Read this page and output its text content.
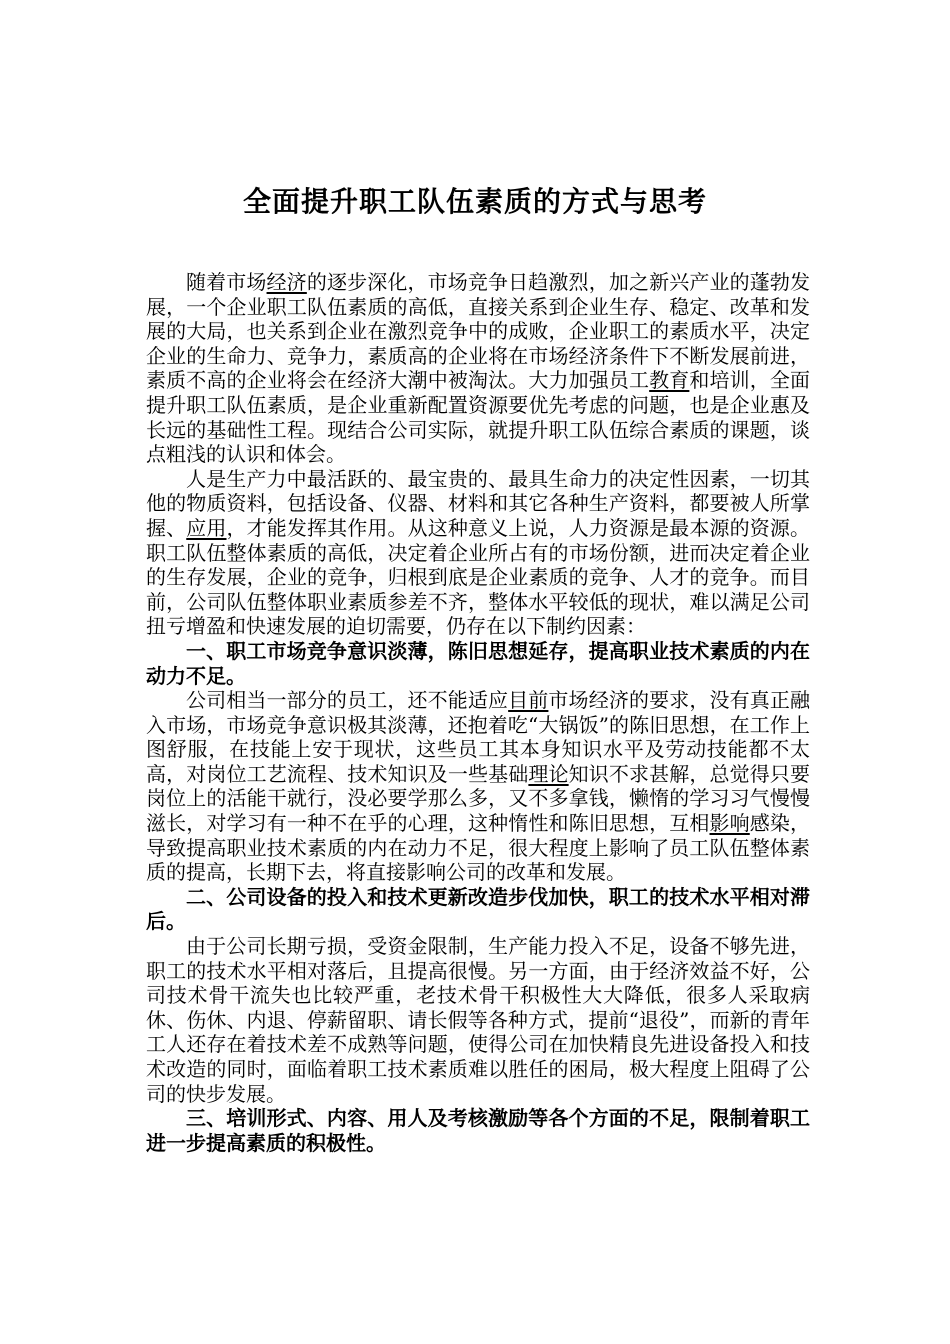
全面提升职工队伍素质的方式与思考

随着市场经济的逐步深化，市场竞争日趋激烈，加之新兴产业的蓬勃发展，一个企业职工队伍素质的高低，直接关系到企业生存、稳定、改革和发展的大局，也关系到企业在激烈竞争中的成败，企业职工的素质水平，决定企业的生命力、竞争力，素质高的企业将在市场经济条件下不断发展前进，素质不高的企业将会在经济大潮中被淘汰。大力加强员工教育和培训，全面提升职工队伍素质，是企业重新配置资源要优先考虑的问题，也是企业惠及长远的基础性工程。现结合公司实际，就提升职工队伍综合素质的课题，谈点粗浅的认识和体会。

人是生产力中最活跃的、最宝贵的、最具生命力的决定性因素，一切其他的物质资料，包括设备、仪器、材料和其它各种生产资料，都要被人所掌握、应用，才能发挥其作用。从这种意义上说，人力资源是最本源的资源。职工队伍整体素质的高低，决定着企业所占有的市场份额，进而决定着企业的生存发展，企业的竞争，归根到底是企业素质的竞争、人才的竞争。而目前，公司队伍整体职业素质参差不齐，整体水平较低的现状，难以满足公司扭亏增盈和快速发展的迫切需要，仍存在以下制约因素：

一、职工市场竞争意识淡薄，陈旧思想延存，提高职业技术素质的内在动力不足。

公司相当一部分的员工，还不能适应目前市场经济的要求，没有真正融入市场，市场竞争意识极其淡薄，还抱着吃“大锅饭”的陈旧思想，在工作上图舒服，在技能上安于现状，这些员工其本身知识水平及劳动技能都不太高，对岗位工艺流程、技术知识及一些基础理论知识不求甚解，总觉得只要岗位上的活能干就行，没必要学那么多，又不多拿钱，懒惰的学习习气慢慢滋长，对学习有一种不在乎的心理，这种惰性和陈旧思想，互相影响感染，导致提高职业技术素质的内在动力不足，很大程度上影响了员工队伍整体素质的提高，长期下去，将直接影响公司的改革和发展。

二、公司设备的投入和技术更新改造步伐加快，职工的技术水平相对滞后。

由于公司长期亏损，受资金限制，生产能力投入不足，设备不够先进，职工的技术水平相对落后，且提高很慢。另一方面，由于经济效益不好，公司技术骨干流失也比较严重，老技术骨干积极性大大降低，很多人采取病休、伤休、内退、停薪留职、请长假等各种方式，提前“退役”，而新的青年工人还存在着技术差不成熟等问题，使得公司在加快精良先进设备投入和技术改造的同时，面临着职工技术素质难以胜任的困局，极大程度上阻碍了公司的快步发展。

三、培训形式、内容、用人及考核激励等各个方面的不足，限制着职工进一步提高素质的积极性。
